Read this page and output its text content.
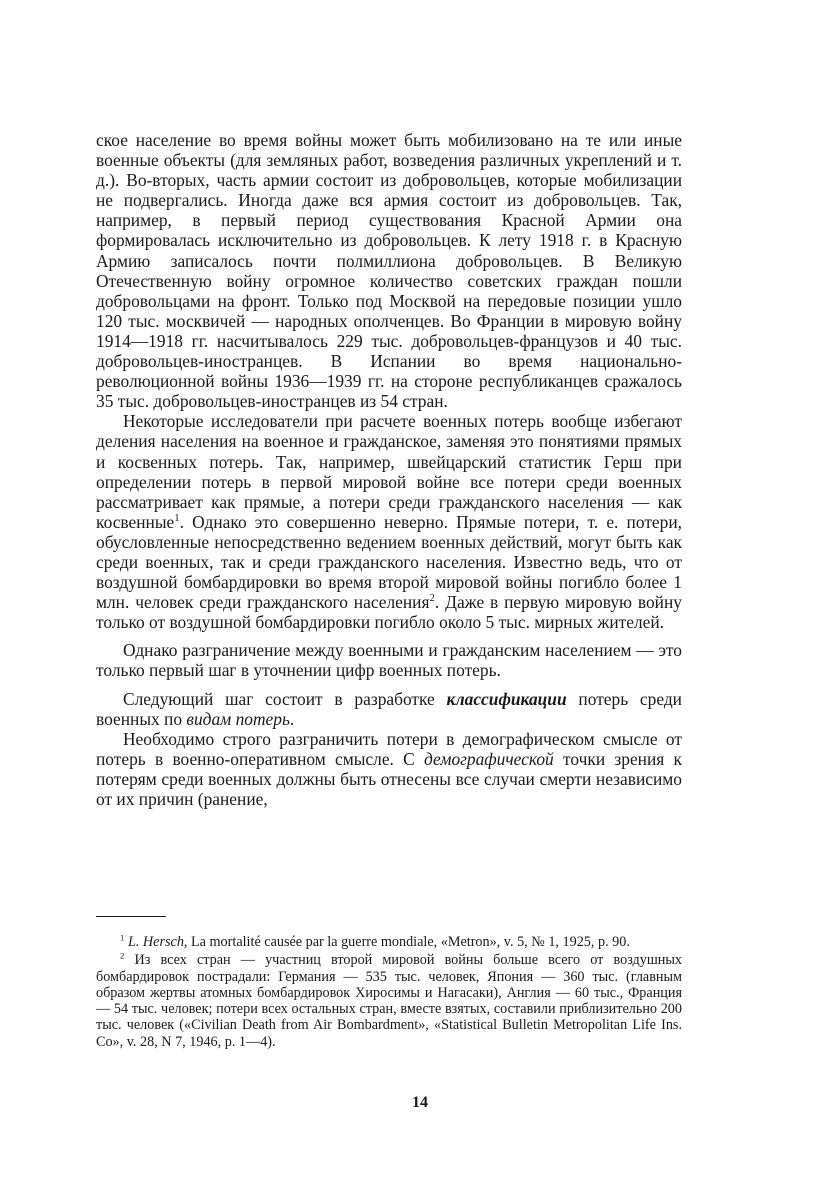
ское население во время войны может быть мобилизовано на те или иные военные объекты (для земляных работ, возведения различных укреплений и т. д.). Во-вторых, часть армии состоит из добровольцев, которые мобилизации не подвергались. Иногда даже вся армия состоит из добровольцев. Так, например, в первый период существования Красной Армии она формировалась исключительно из добровольцев. К лету 1918 г. в Красную Армию записалось почти полмиллиона добровольцев. В Великую Отечественную войну огромное количество советских граждан пошли добровольцами на фронт. Только под Москвой на передовые позиции ушло 120 тыс. москвичей — народных ополченцев. Во Франции в мировую войну 1914—1918 гг. насчитывалось 229 тыс. добровольцев-французов и 40 тыс. добровольцев-иностранцев. В Испании во время национально-революционной войны 1936—1939 гг. на стороне республиканцев сражалось 35 тыс. добровольцев-иностранцев из 54 стран.

Некоторые исследователи при расчете военных потерь вообще избегают деления населения на военное и гражданское, заменяя это понятиями прямых и косвенных потерь. Так, например, швейцарский статистик Герш при определении потерь в первой мировой войне все потери среди военных рассматривает как прямые, а потери среди гражданского населения — как косвенные$^1$. Однако это совершенно неверно. Прямые потери, т. е. потери, обусловленные непосредственно ведением военных действий, могут быть как среди военных, так и среди гражданского населения. Известно ведь, что от воздушной бомбардировки во время второй мировой войны погибло более 1 млн. человек среди гражданского населения$^2$. Даже в первую мировую войну только от воздушной бомбардировки погибло около 5 тыс. мирных жителей.

Однако разграничение между военными и гражданским населением — это только первый шаг в уточнении цифр военных потерь.

Следующий шаг состоит в разработке классификации потерь среди военных по видам потерь.

Необходимо строго разграничить потери в демографическом смысле от потерь в военно-оперативном смысле. С демографической точки зрения к потерям среди военных должны быть отнесены все случаи смерти независимо от их причин (ранение,

$^1$ L. Hersch, La mortalité causée par la guerre mondiale, «Metron», v. 5, № 1, 1925, p. 90.

$^2$ Из всех стран — участниц второй мировой войны больше всего от воздушных бомбардировок пострадали: Германия — 535 тыс. человек, Япония — 360 тыс. (главным образом жертвы атомных бомбардировок Хиросимы и Нагасаки), Англия — 60 тыс., Франция — 54 тыс. человек; потери всех остальных стран, вместе взятых, составили приблизительно 200 тыс. человек («Civilian Death from Air Bombardment», «Statistical Bulletin Metropolitan Life Ins. Co», v. 28, N 7, 1946, p. 1—4).

14
